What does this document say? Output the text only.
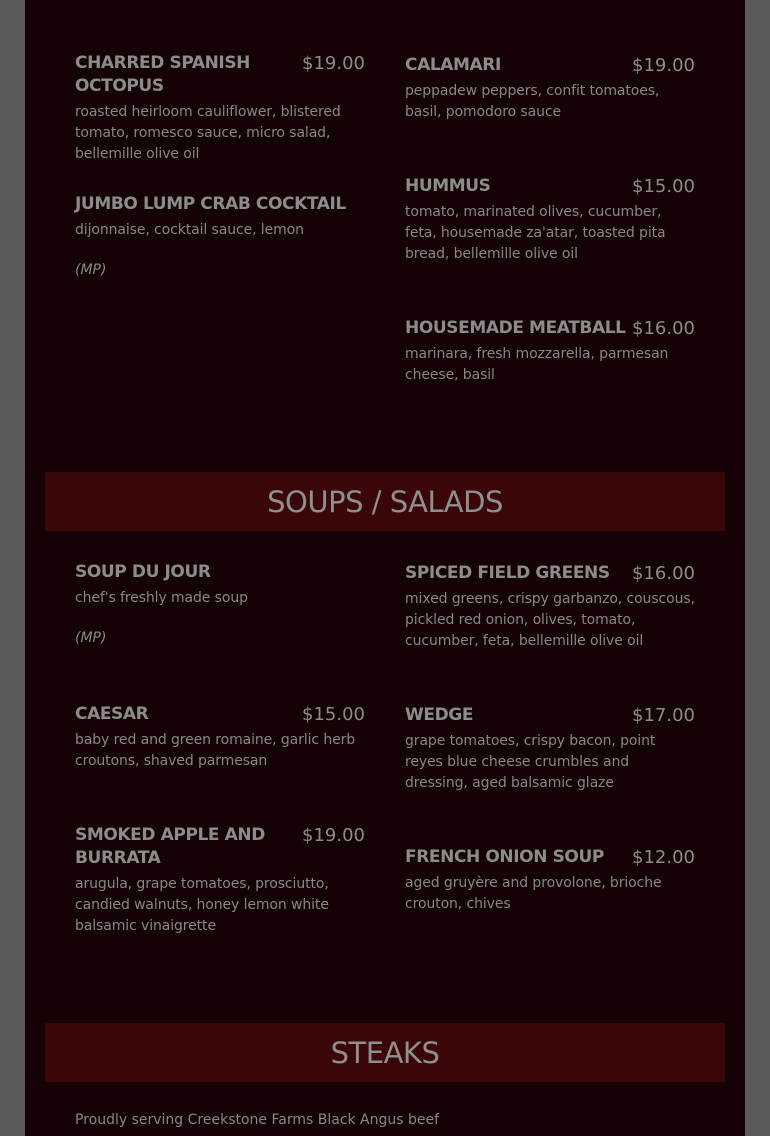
CHARRED SPANISH OCTOPUS
$19.00
roasted heirloom cauliflower, blistered tomato, romesco sauce, micro salad, bellemille olive oil
JUMBO LUMP CRAB COCKTAIL
dijonnaise, cocktail sauce, lemon
(MP)
CALAMARI	$19.00
peppadew peppers, confit tomatoes, basil, pomodoro sauce
HUMMUS	$15.00
tomato, marinated olives, cucumber, feta, housemade za'atar, toasted pita bread, bellemille olive oil
HOUSEMADE MEATBALL $16.00
marinara, fresh mozzarella, parmesan cheese, basil
SOUPS / SALADS
SOUP DU JOUR
chef's freshly made soup
(MP)
CAESAR	$15.00
baby red and green romaine, garlic herb croutons, shaved parmesan
SMOKED APPLE AND BURRATA
$19.00
arugula, grape tomatoes, prosciutto, candied walnuts, honey lemon white balsamic vinaigrette
SPICED FIELD GREENS	$16.00
mixed greens, crispy garbanzo, couscous, pickled red onion, olives, tomato, cucumber, feta, bellemille olive oil
WEDGE	$17.00
grape tomatoes, crispy bacon, point reyes blue cheese crumbles and dressing, aged balsamic glaze
FRENCH ONION SOUP	$12.00
aged gruyère and provolone, brioche crouton, chives
STEAKS
Proudly serving Creekstone Farms Black Angus beef
